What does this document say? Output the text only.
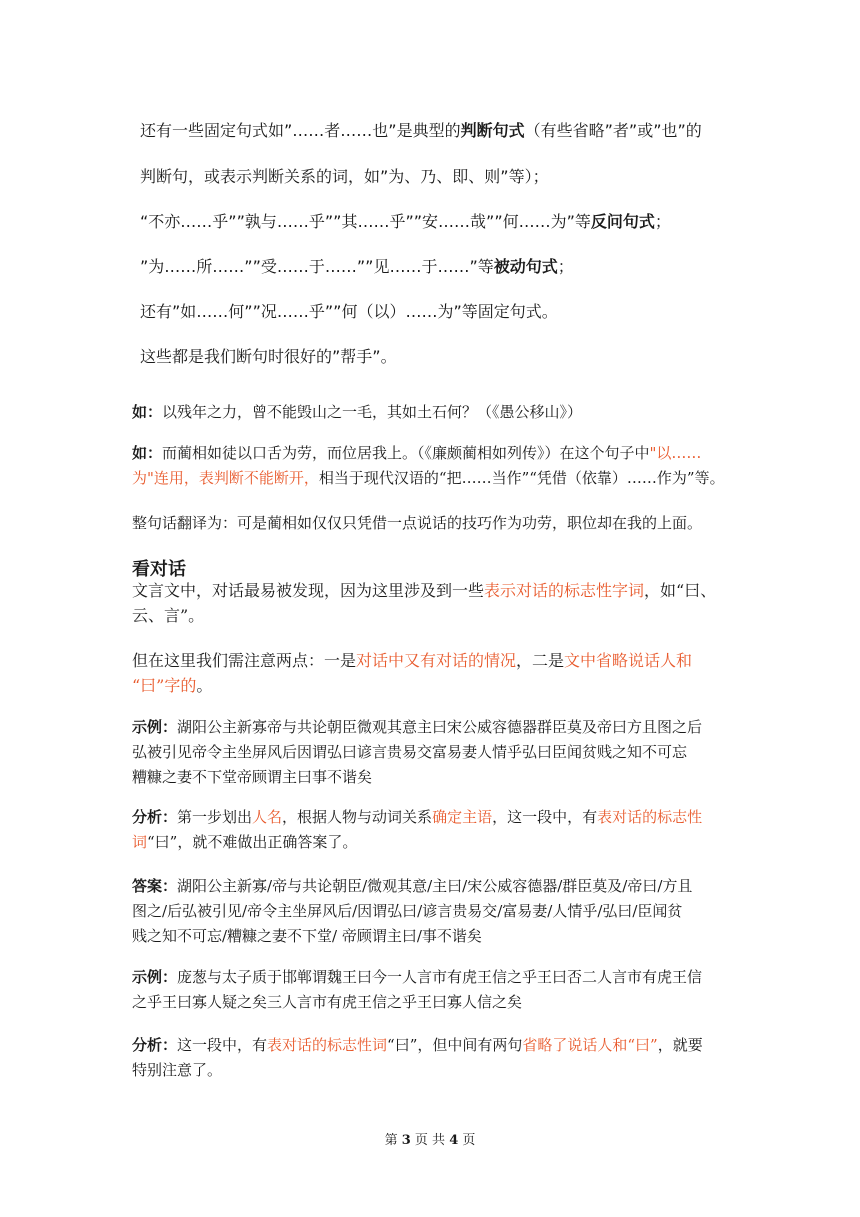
还有一些固定句式如”……者……也”是典型的判断句式（有些省略”者”或”也”的
判断句，或表示判断关系的词，如”为、乃、即、则”等）；
“不亦……乎””孰与……乎””其……乎””安……哉””何……为”等反问句式；
”为……所……””受……于……””见……于……”等被动句式；
还有”如……何””况……乎””何（以）……为”等固定句式。
这些都是我们断句时很好的”帮手”。
如：以残年之力，曾不能毁山之一毛，其如土石何？（《愚公移山》）
如：而蔺相如徒以口舌为劳，而位居我上。（《廉颇蔺相如列传》）在这个句子中"以……
为"连用，表判断不能断开，相当于现代汉语的“把……当作”“凭借（依靠）……作为”等。
整句话翻译为：可是蔺相如仅仅只凭借一点说话的技巧作为功劳，职位却在我的上面。
看对话
文言文中，对话最易被发现，因为这里涉及到一些表示对话的标志性字词，如“曰、
云、言”。
但在这里我们需注意两点：一是对话中又有对话的情况，二是文中省略说话人和
“曰”字的。
示例：湖阳公主新寡帝与共论朝臣微观其意主曰宋公威容德器群臣莫及帝曰方且图之后
弘被引见帝令主坐屏风后因谓弘曰谚言贵易交富易妻人情乎弘曰臣闻贫贱之知不可忘
糟糠之妻不下堂帝顾谓主曰事不谐矣
分析：第一步划出人名，根据人物与动词关系确定主语，这一段中，有表对话的标志性
词“曰”，就不难做出正确答案了。
答案：湖阳公主新寡/帝与共论朝臣/微观其意/主曰/宋公威容德器/群臣莫及/帝曰/方且
图之/后弘被引见/帝令主坐屏风后/因谓弘曰/谚言贵易交/富易妻/人情乎/弘曰/臣闻贫
贱之知不可忘/糟糠之妻不下堂/ 帝顾谓主曰/事不谐矣
示例：庞葱与太子质于邯郸谓魏王曰今一人言市有虎王信之乎王曰否二人言市有虎王信
之乎王曰寡人疑之矣三人言市有虎王信之乎王曰寡人信之矣
分析：这一段中，有表对话的标志性词“曰”，但中间有两句省略了说话人和“曰”，就要
特别注意了。
第 3 页 共 4 页
